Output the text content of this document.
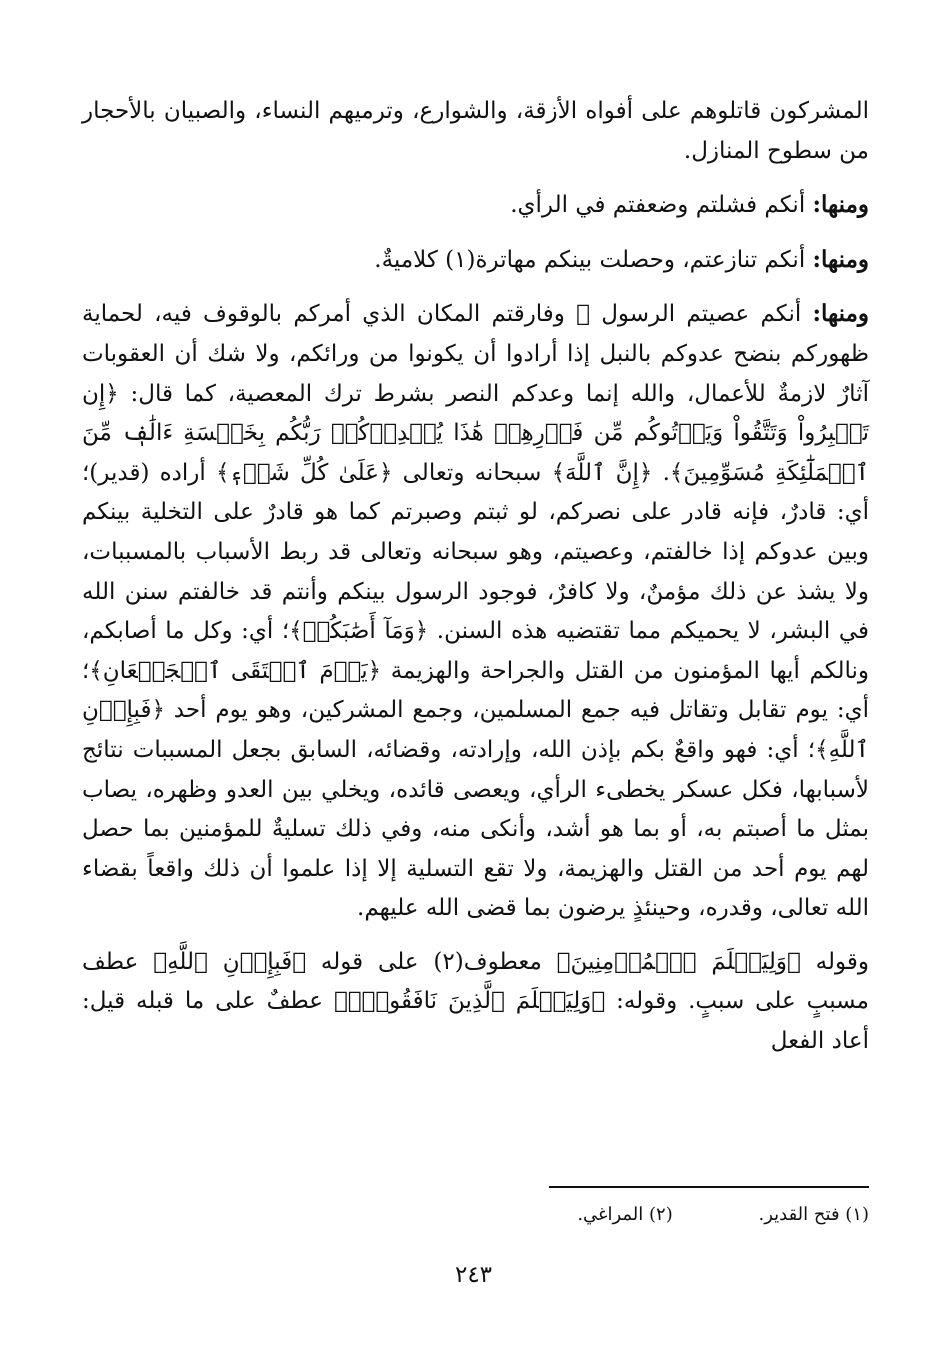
المشركون قاتلوهم على أفواه الأزقة، والشوارع، وترميهم النساء، والصبيان بالأحجار من سطوح المنازل.

ومنها: أنكم فشلتم وضعفتم في الرأي.

ومنها: أنكم تنازعتم، وحصلت بينكم مهاترة(١) كلاميةٌ.

ومنها: أنكم عصيتم الرسول ﷺ وفارقتم المكان الذي أمركم بالوقوف فيه، لحماية ظهوركم بنضح عدوكم بالنبل إذا أرادوا أن يكونوا من ورائكم، ولا شك أن العقوبات آثارٌ لازمةٌ للأعمال، والله إنما وعدكم النصر بشرط ترك المعصية، كما قال: ﴿إِن تَصۡبِرُواْ وَتَتَّقُواْ وَيَأۡتُوكُم مِّن فَوۡرِهِمۡ هَٰذَا يُمۡدِدۡكُمۡ رَبُّكُم بِخَمۡسَةِ ءَالَٰفٖ مِّنَ ٱلۡمَلَٰٓئِكَةِ مُسَوِّمِينَ﴾. ﴿إِنَّ ٱللَّهَ﴾ سبحانه وتعالى ﴿عَلَىٰ كُلِّ شَيۡءٖ﴾ أراده (قدير)؛ أي: قادرٌ، فإنه قادر على نصركم، لو ثبتم وصبرتم كما هو قادرٌ على التخلية بينكم وبين عدوكم إذا خالفتم، وعصيتم، وهو سبحانه وتعالى قد ربط الأسباب بالمسببات، ولا يشذ عن ذلك مؤمنٌ، ولا كافرٌ، فوجود الرسول بينكم وأنتم قد خالفتم سنن الله في البشر، لا يحميكم مما تقتضيه هذه السنن. ﴿وَمَآ أَصَٰبَكُمۡ﴾؛ أي: وكل ما أصابكم، ونالكم أيها المؤمنون من القتل والجراحة والهزيمة ﴿يَوۡمَ ٱلۡتَقَى ٱلۡجَمۡعَانِ﴾؛ أي: يوم تقابل وتقاتل فيه جمع المسلمين، وجمع المشركين، وهو يوم أحد ﴿فَبِإِذۡنِ ٱللَّهِ﴾؛ أي: فهو واقعٌ بكم بإذن الله، وإرادته، وقضائه، السابق بجعل المسببات نتائج لأسبابها، فكل عسكر يخطىء الرأي، ويعصى قائده، ويخلي بين العدو وظهره، يصاب بمثل ما أصبتم به، أو بما هو أشد، وأنكى منه، وفي ذلك تسليةٌ للمؤمنين بما حصل لهم يوم أحد من القتل والهزيمة، ولا تقع التسلية إلا إذا علموا أن ذلك واقعاً بقضاء الله تعالى، وقدره، وحينئذٍ يرضون بما قضى الله عليهم.

وقوله ﴿وَلِيَعۡلَمَ ٱلۡمُؤۡمِنِينَ﴾ معطوف(٢) على قوله ﴿فَبِإِذۡنِ ٱللَّهِ﴾ عطف مسببٍ على سببٍ. وقوله: ﴿وَلِيَعۡلَمَ ٱلَّذِينَ نَافَقُواْۚ﴾ عطفٌ على ما قبله قيل: أعاد الفعل

(١) فتح القدير. (٢) المراغي.
٢٤٣
